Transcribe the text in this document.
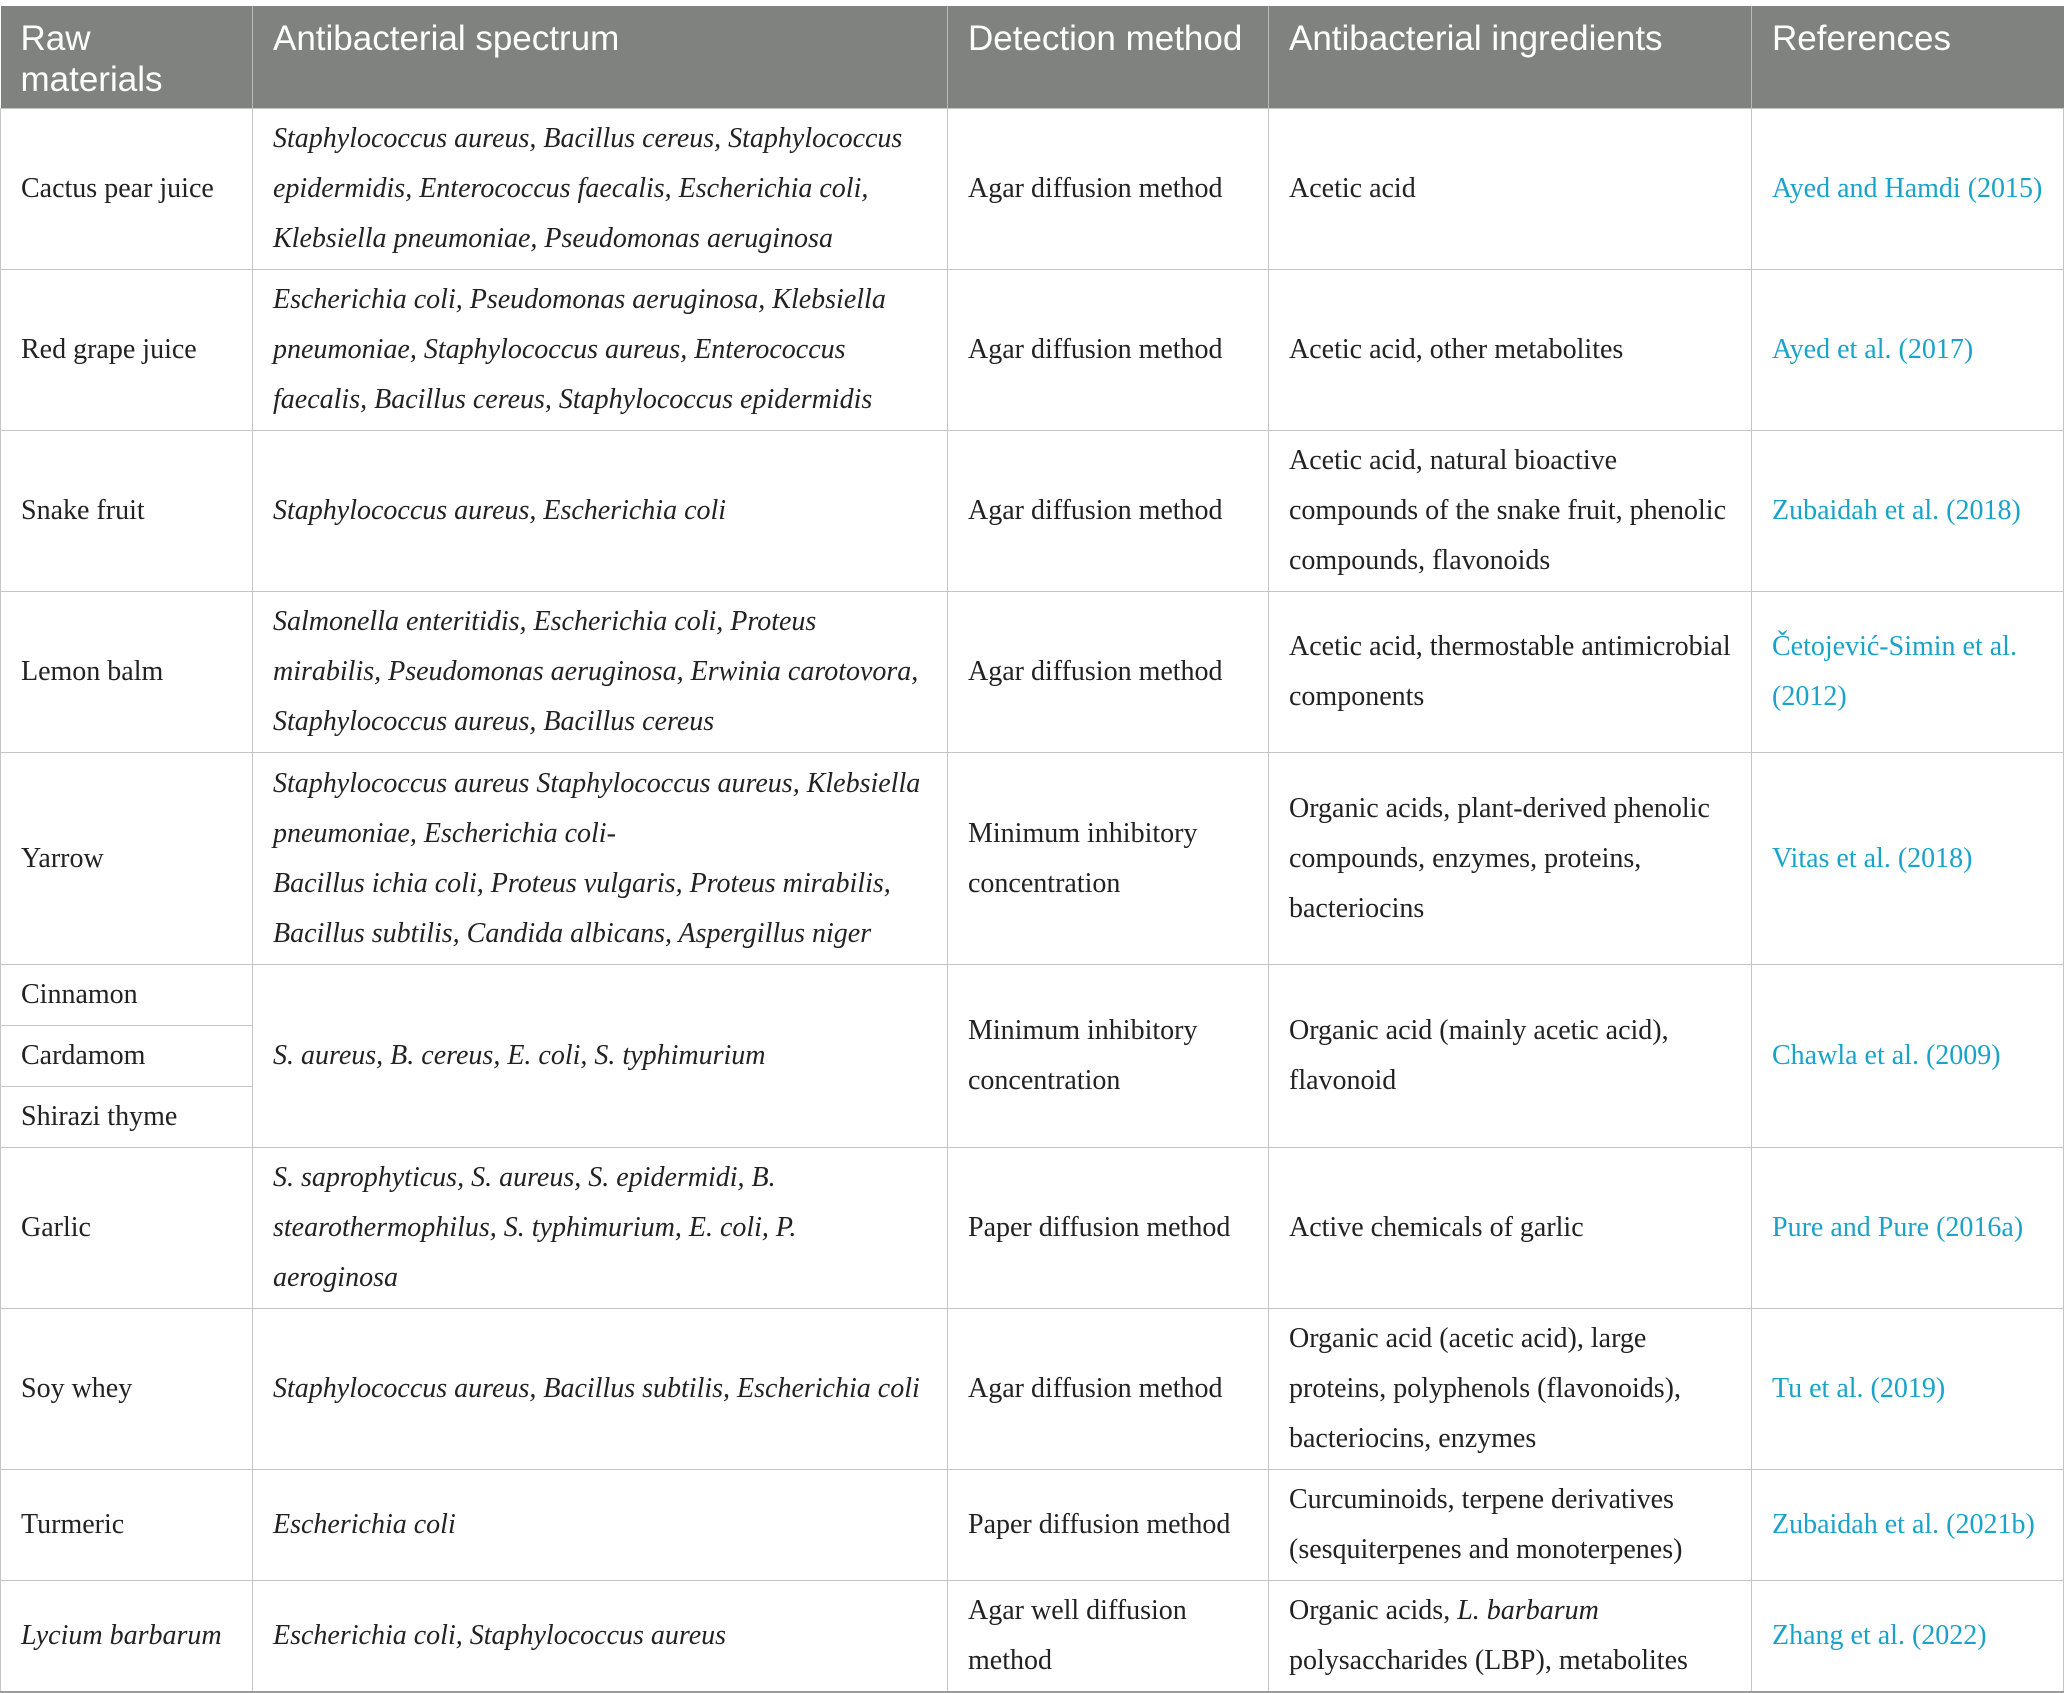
Raw materials	Antibacterial spectrum	Detection method	Antibacterial ingredients	References
Cactus pear juice	Staphylococcus aureus, Bacillus cereus, Staphylococcus epidermidis, Enterococcus faecalis, Escherichia coli, Klebsiella pneumoniae, Pseudomonas aeruginosa	Agar diffusion method	Acetic acid	Ayed and Hamdi (2015)
Red grape juice	Escherichia coli, Pseudomonas aeruginosa, Klebsiella pneumoniae, Staphylococcus aureus, Enterococcus faecalis, Bacillus cereus, Staphylococcus epidermidis	Agar diffusion method	Acetic acid, other metabolites	Ayed et al. (2017)
Snake fruit	Staphylococcus aureus, Escherichia coli	Agar diffusion method	Acetic acid, natural bioactive compounds of the snake fruit, phenolic compounds, flavonoids	Zubaidah et al. (2018)
Lemon balm	Salmonella enteritidis, Escherichia coli, Proteus mirabilis, Pseudomonas aeruginosa, Erwinia carotovora, Staphylococcus aureus, Bacillus cereus	Agar diffusion method	Acetic acid, thermostable antimicrobial components	Četojević-Simin et al. (2012)
Yarrow	Staphylococcus aureus Staphylococcus aureus, Klebsiella pneumoniae, Escherichia coli-
Bacillus ichia coli, Proteus vulgaris, Proteus mirabilis, Bacillus subtilis, Candida albicans, Aspergillus niger	Minimum inhibitory concentration	Organic acids, plant-derived phenolic compounds, enzymes, proteins, bacteriocins	Vitas et al. (2018)
Cinnamon	S. aureus, B. cereus, E. coli, S. typhimurium	Minimum inhibitory concentration	Organic acid (mainly acetic acid), flavonoid	Chawla et al. (2009)
Cardamom				
Shirazi thyme				
Garlic	S. saprophyticus, S. aureus, S. epidermidi, B. stearothermophilus, S. typhimurium, E. coli, P. aeroginosa	Paper diffusion method	Active chemicals of garlic	Pure and Pure (2016a)
Soy whey	Staphylococcus aureus, Bacillus subtilis, Escherichia coli	Agar diffusion method	Organic acid (acetic acid), large proteins, polyphenols (flavonoids), bacteriocins, enzymes	Tu et al. (2019)
Turmeric	Escherichia coli	Paper diffusion method	Curcuminoids, terpene derivatives (sesquiterpenes and monoterpenes)	Zubaidah et al. (2021b)
Lycium barbarum	Escherichia coli, Staphylococcus aureus	Agar well diffusion method	Organic acids, L. barbarum polysaccharides (LBP), metabolites	Zhang et al. (2022)
